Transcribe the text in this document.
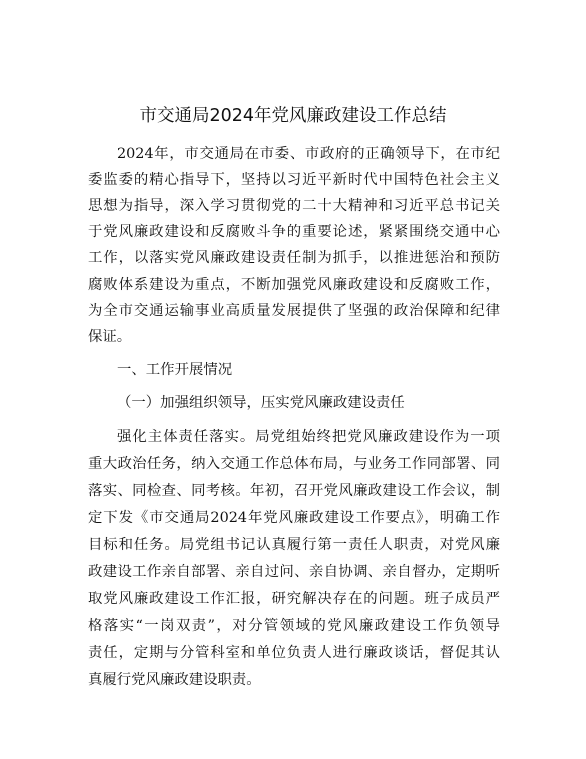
市交通局2024年党风廉政建设工作总结
2024年，市交通局在市委、市政府的正确领导下，在市纪
委监委的精心指导下，坚持以习近平新时代中国特色社会主义
思想为指导，深入学习贯彻党的二十大精神和习近平总书记关
于党风廉政建设和反腐败斗争的重要论述，紧紧围绕交通中心
工作，以落实党风廉政建设责任制为抓手，以推进惩治和预防
腐败体系建设为重点，不断加强党风廉政建设和反腐败工作，
为全市交通运输事业高质量发展提供了坚强的政治保障和纪律
保证。
一、工作开展情况
（一）加强组织领导，压实党风廉政建设责任
强化主体责任落实。局党组始终把党风廉政建设作为一项
重大政治任务，纳入交通工作总体布局，与业务工作同部署、同
落实、同检查、同考核。年初，召开党风廉政建设工作会议，制
定下发《市交通局2024年党风廉政建设工作要点》，明确工作
目标和任务。局党组书记认真履行第一责任人职责，对党风廉
政建设工作亲自部署、亲自过问、亲自协调、亲自督办，定期听
取党风廉政建设工作汇报，研究解决存在的问题。班子成员严
格落实“一岗双责”，对分管领域的党风廉政建设工作负领导
责任，定期与分管科室和单位负责人进行廉政谈话，督促其认
真履行党风廉政建设职责。
